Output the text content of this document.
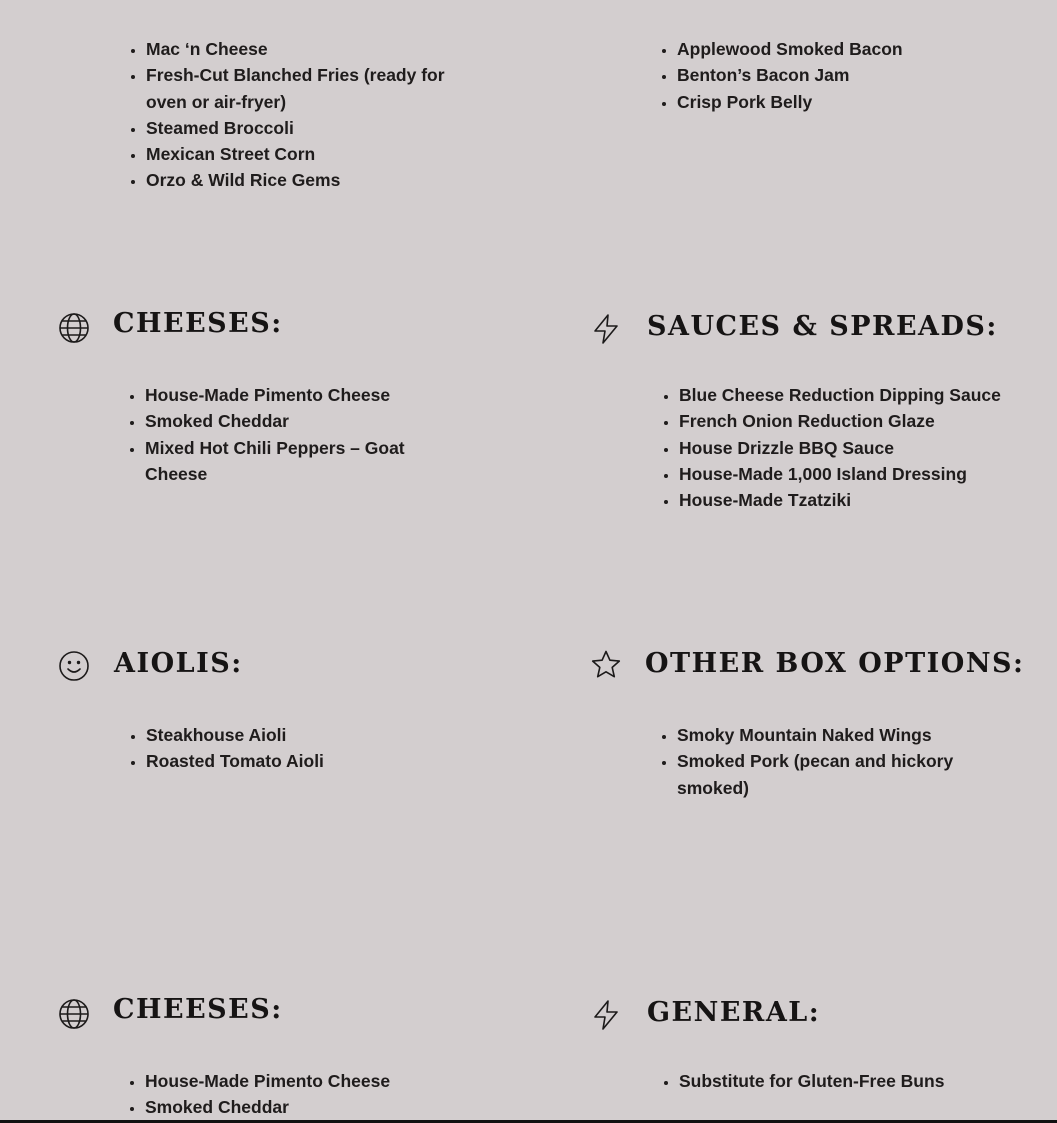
• Mac ‘n Cheese
• Fresh-Cut Blanched Fries (ready for oven or air-fryer)
• Steamed Broccoli
• Mexican Street Corn
• Orzo & Wild Rice Gems
• Applewood Smoked Bacon
• Benton’s Bacon Jam
• Crisp Pork Belly
CHEESES:
• House-Made Pimento Cheese
• Smoked Cheddar
• Mixed Hot Chili Peppers – Goat Cheese
SAUCES & SPREADS:
• Blue Cheese Reduction Dipping Sauce
• French Onion Reduction Glaze
• House Drizzle BBQ Sauce
• House-Made 1,000 Island Dressing
• House-Made Tzatziki
AIOLIS:
• Steakhouse Aioli
• Roasted Tomato Aioli
OTHER BOX OPTIONS:
• Smoky Mountain Naked Wings
• Smoked Pork (pecan and hickory smoked)
CHEESES:
• House-Made Pimento Cheese
• Smoked Cheddar
GENERAL:
• Substitute for Gluten-Free Buns
